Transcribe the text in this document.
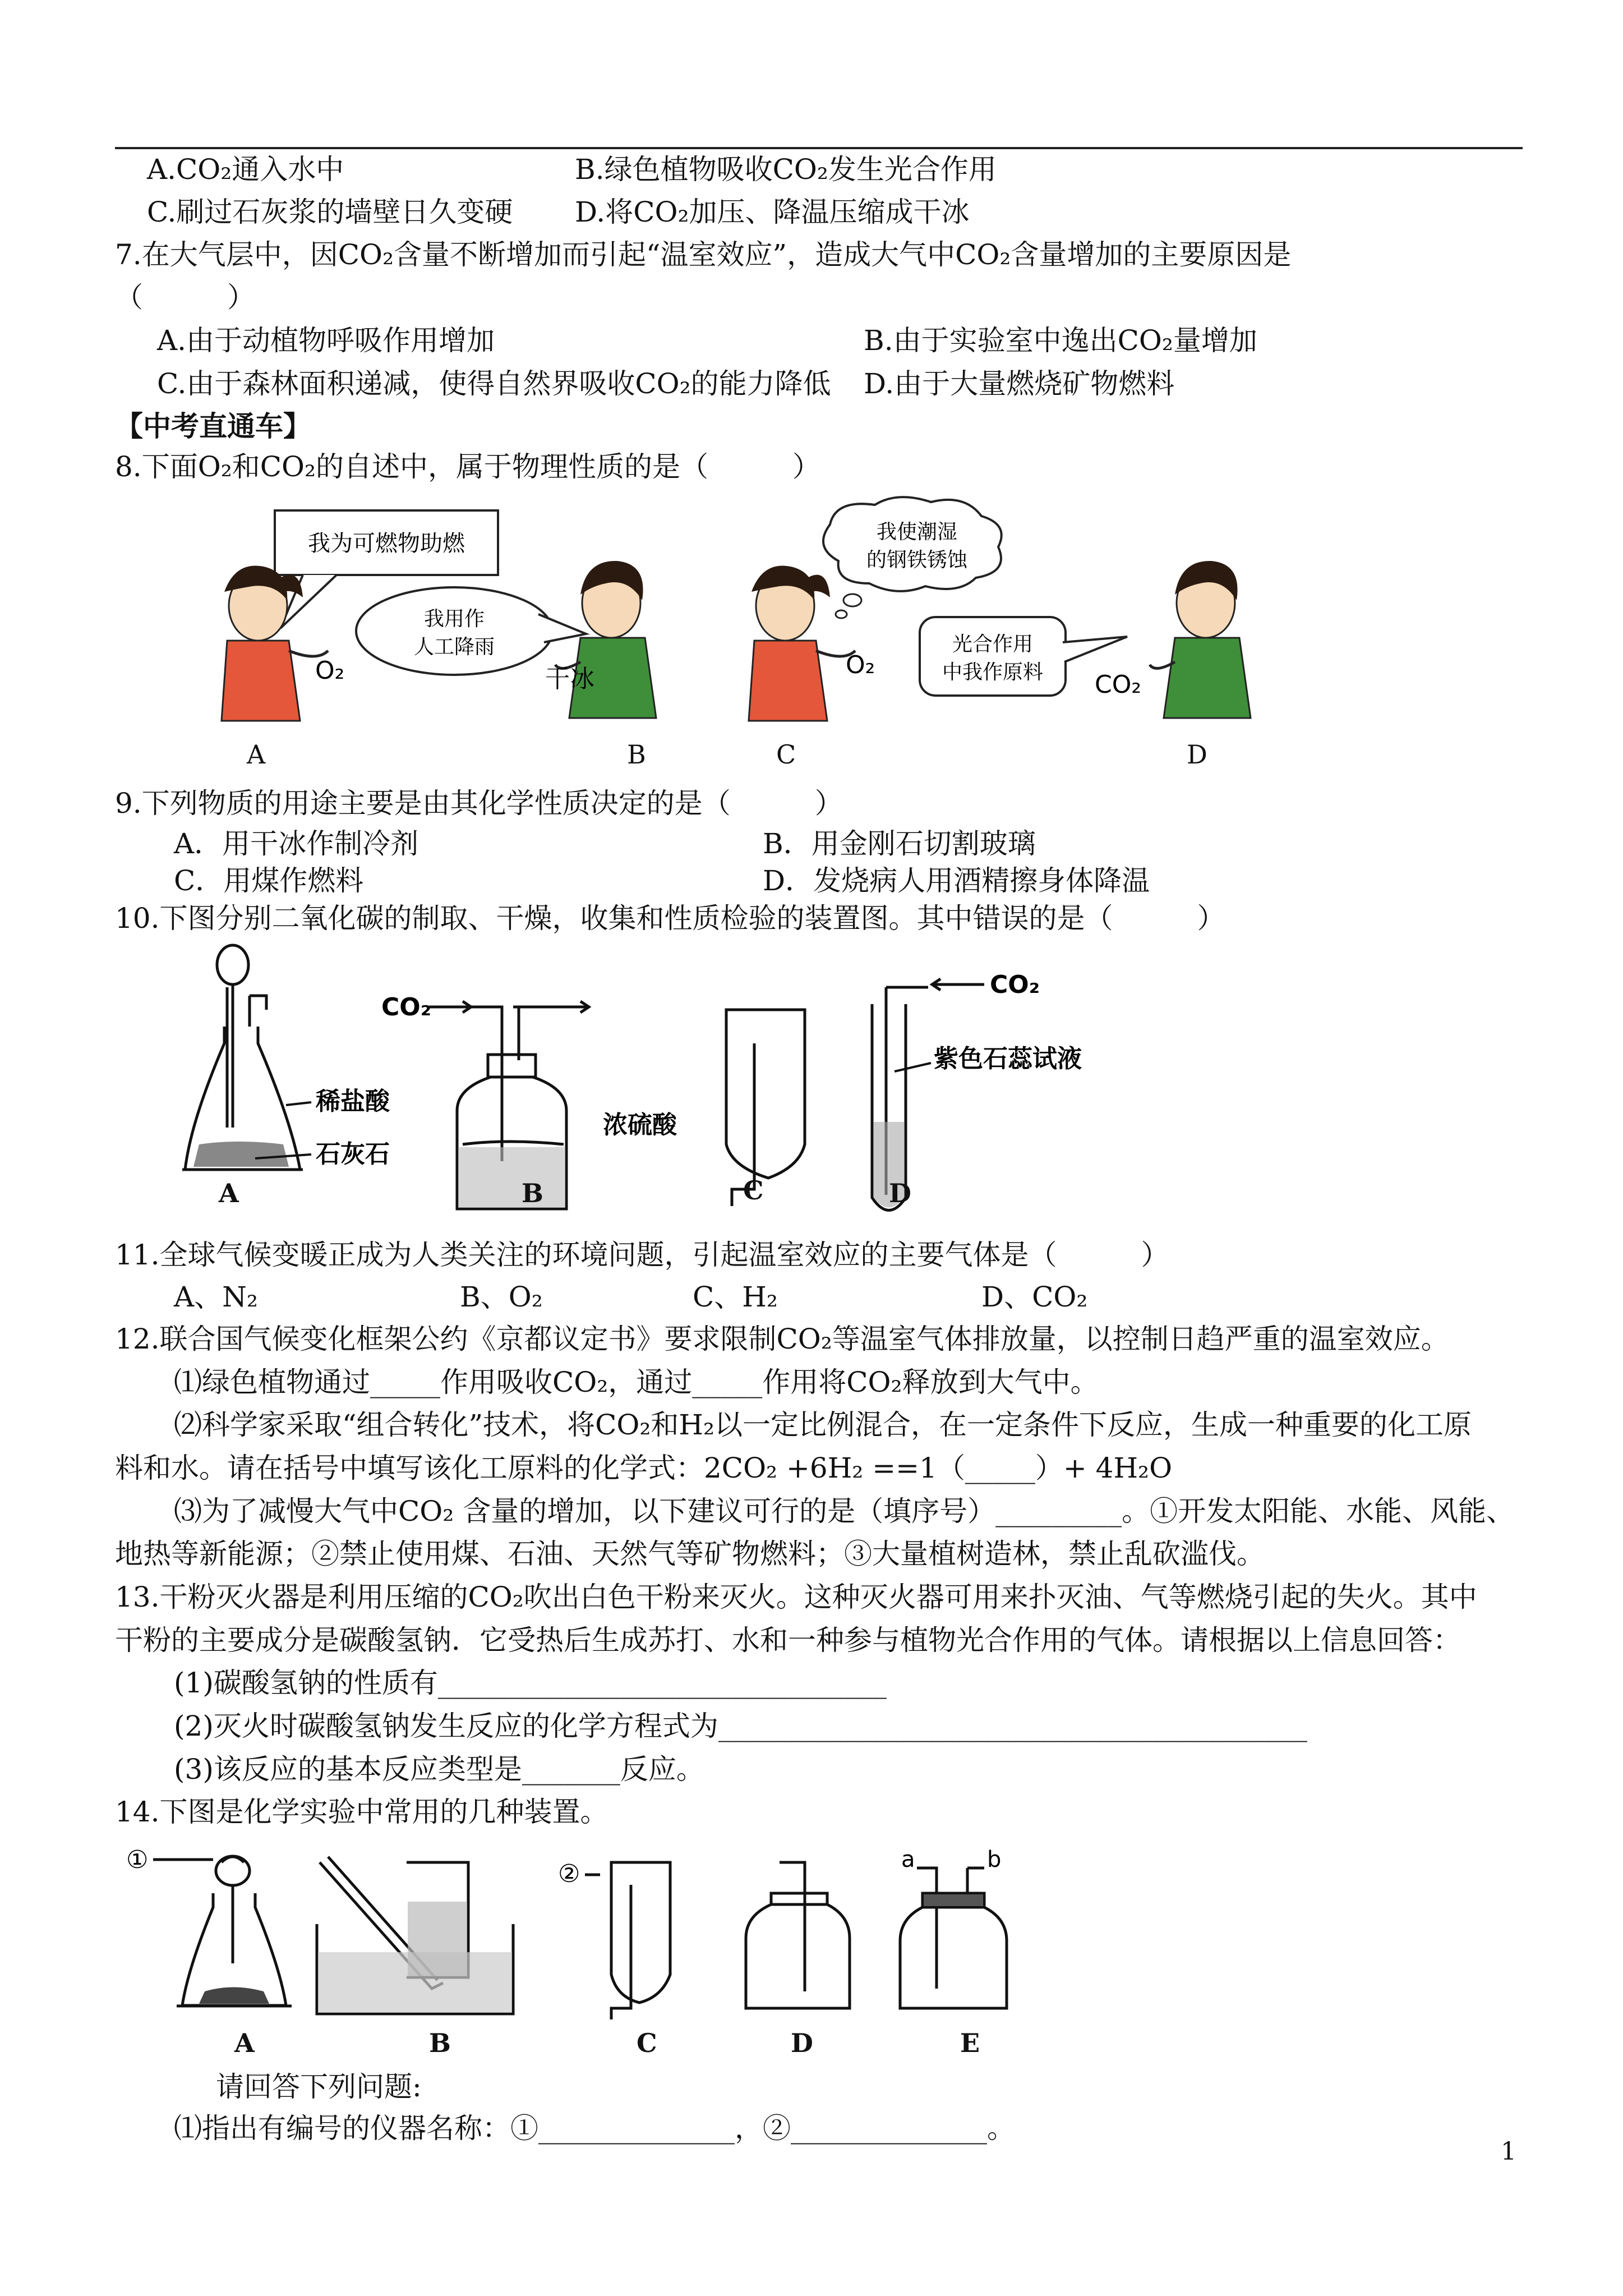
A.CO₂通入水中	B.绿色植物吸收CO₂发生光合作用
C.刷过石灰浆的墙壁日久变硬 D.将CO₂加压、降温压缩成干冰
7.在大气层中，因CO₂含量不断增加而引起“温室效应”，造成大气中CO₂含量增加的主要原因是
（　　　）
A.由于动植物呼吸作用增加	B.由于实验室中逸出CO₂量增加
C.由于森林面积递减，使得自然界吸收CO₂的能力降低 D.由于大量燃烧矿物燃料
【中考直通车】
8.下面O₂和CO₂的自述中，属于物理性质的是（　　　）
我为可燃物助燃
O₂
我用作
人工降雨
干冰	O₂
我使潮湿
的钢铁锈蚀
光合作用
中我作原料 CO₂
A	B	C	D
9.下列物质的用途主要是由其化学性质决定的是（　　　）
A．用干冰作制冷剂	B．用金刚石切割玻璃
C．用煤作燃料	D．发烧病人用酒精擦身体降温
10.下图分别二氧化碳的制取、干燥，收集和性质检验的装置图。其中错误的是（　　　）
稀盐酸
石灰石
CO₂
浓硫酸
CO₂
紫色石蕊试液
A	B	C	D
11.全球气候变暖正成为人类关注的环境问题，引起温室效应的主要气体是（　　　）
A、N₂	B、O₂	C、H₂	D、CO₂
12.联合国气候变化框架公约《京都议定书》要求限制CO₂等温室气体排放量，以控制日趋严重的温室效应。
⑴绿色植物通过_____作用吸收CO₂，通过_____作用将CO₂释放到大气中。
⑵科学家采取“组合转化”技术，将CO₂和H₂以一定比例混合，在一定条件下反应，生成一种重要的化工原
料和水。请在括号中填写该化工原料的化学式：2CO₂ +6H₂ ==1（_____）+ 4H₂O
⑶为了减慢大气中CO₂ 含量的增加，以下建议可行的是（填序号）_________。①开发太阳能、水能、风能、
地热等新能源；②禁止使用煤、石油、天然气等矿物燃料；③大量植树造林，禁止乱砍滥伐。
13.干粉灭火器是利用压缩的CO₂吹出白色干粉来灭火。这种灭火器可用来扑灭油、气等燃烧引起的失火。其中
干粉的主要成分是碳酸氢钠．它受热后生成苏打、水和一种参与植物光合作用的气体。请根据以上信息回答：
(1)碳酸氢钠的性质有________________________________
(2)灭火时碳酸氢钠发生反应的化学方程式为__________________________________________
(3)该反应的基本反应类型是_______反应。
14.下图是化学实验中常用的几种装置。
①	②	a	b
A	B	C	D	E
请回答下列问题:
⑴指出有编号的仪器名称：①______________，②______________。
1
